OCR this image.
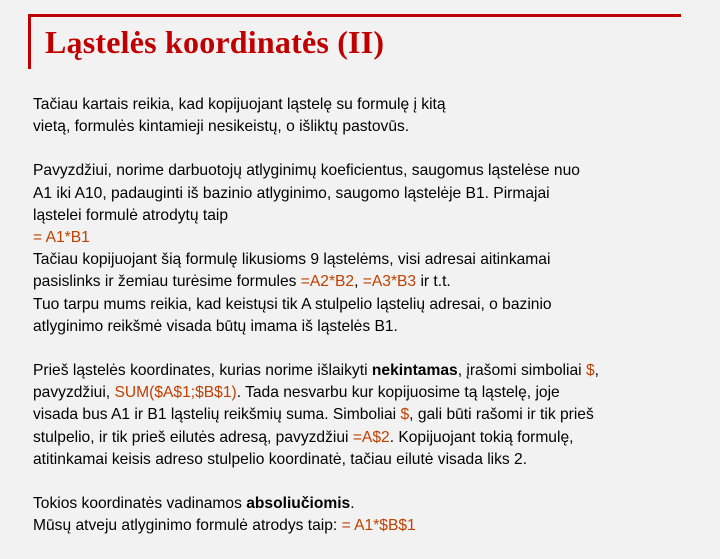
Ląstelės koordinatės (II)

Tačiau kartais reikia, kad kopijuojant ląstelę su formulę į kitą
vietą, formulės kintamieji nesikeistų, o išliktų pastovūs.

Pavyzdžiui, norime darbuotojų atlyginimų koeficientus, saugomus ląstelėse nuo
A1 iki A10, padauginti iš bazinio atlyginimo, saugomo ląstelėje B1. Pirmajai
ląstelei formulė atrodytų taip
= A1*B1
Tačiau kopijuojant šią formulę likusioms 9 ląstelėms, visi adresai aitinkamai
pasislinks ir žemiau turėsime formules =A2*B2, =A3*B3 ir t.t.
Tuo tarpu mums reikia, kad keistųsi tik A stulpelio ląstelių adresai, o bazinio
atlyginimo reikšmė visada būtų imama iš ląstelės B1.

Prieš ląstelės koordinates, kurias norime išlaikyti nekintamas, įrašomi simboliai $,
pavyzdžiui, SUM($A$1;$B$1). Tada nesvarbu kur kopijuosime tą ląstelę, joje
visada bus A1 ir B1 ląstelių reikšmių suma. Simboliai $, gali būti rašomi ir tik prieš
stulpelio, ir tik prieš eilutės adresą, pavyzdžiui =A$2. Kopijuojant tokią formulę,
atitinkamai keisis adreso stulpelio koordinatė, tačiau eilutė visada liks 2.

Tokios koordinatės vadinamos absoliučiomis.
Mūsų atveju atlyginimo formulė atrodys taip: = A1*$B$1
